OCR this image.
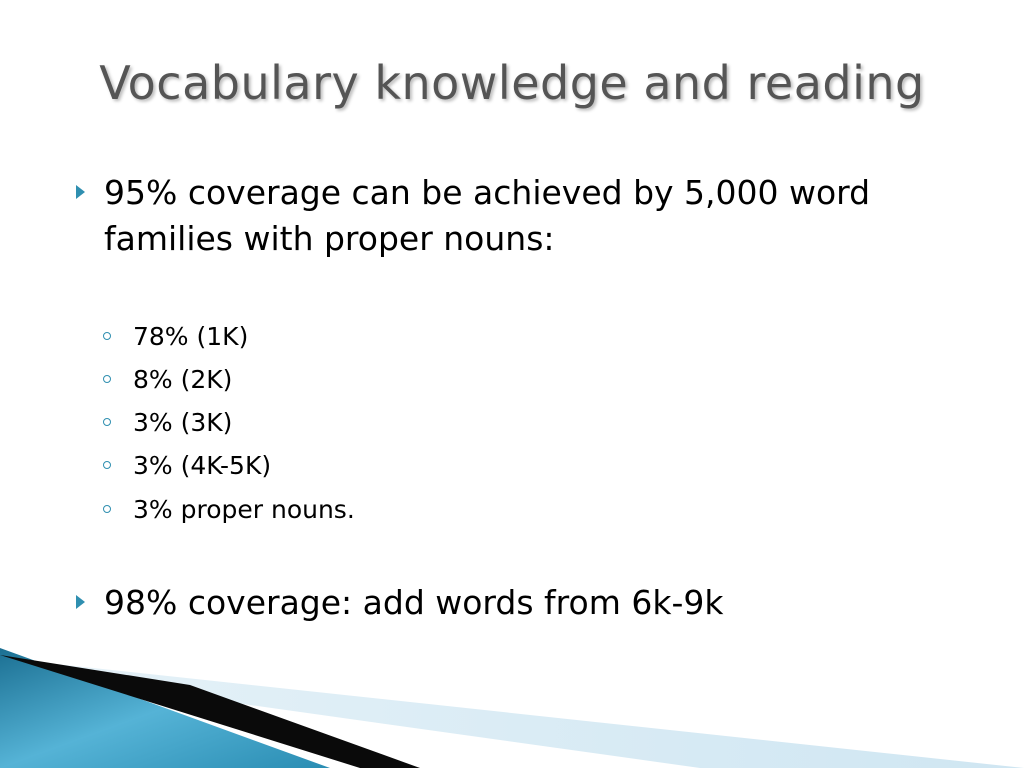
Vocabulary knowledge and reading
95% coverage can be achieved by 5,000 word families with proper nouns:
78% (1K)
8% (2K)
3% (3K)
3% (4K-5K)
3% proper nouns.
98% coverage: add words from 6k-9k
